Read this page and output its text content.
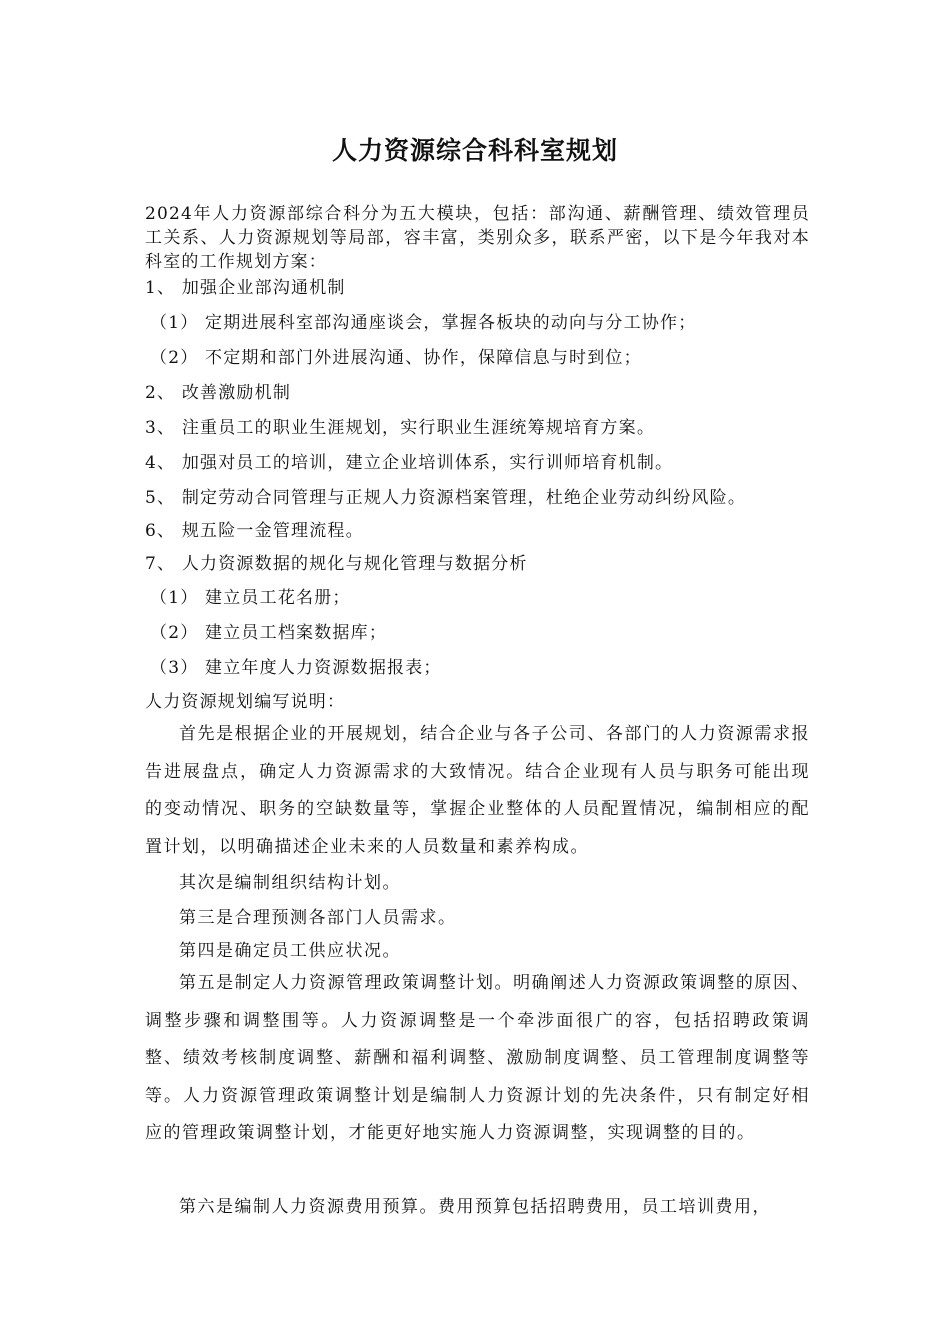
人力资源综合科科室规划
2024年人力资源部综合科分为五大模块，包括：部沟通、薪酬管理、绩效管理员工关系、人力资源规划等局部，容丰富，类别众多，联系严密，以下是今年我对本科室的工作规划方案：
1、 加强企业部沟通机制
（1） 定期进展科室部沟通座谈会，掌握各板块的动向与分工协作；
（2） 不定期和部门外进展沟通、协作，保障信息与时到位；
2、 改善激励机制
3、 注重员工的职业生涯规划，实行职业生涯统筹规培育方案。
4、 加强对员工的培训，建立企业培训体系，实行训师培育机制。
5、 制定劳动合同管理与正规人力资源档案管理，杜绝企业劳动纠纷风险。
6、 规五险一金管理流程。
7、 人力资源数据的规化与规化管理与数据分析
（1） 建立员工花名册；
（2） 建立员工档案数据库；
（3） 建立年度人力资源数据报表；
人力资源规划编写说明：
首先是根据企业的开展规划，结合企业与各子公司、各部门的人力资源需求报告进展盘点，确定人力资源需求的大致情况。结合企业现有人员与职务可能出现的变动情况、职务的空缺数量等，掌握企业整体的人员配置情况，编制相应的配置计划，以明确描述企业未来的人员数量和素养构成。
其次是编制组织结构计划。
第三是合理预测各部门人员需求。
第四是确定员工供应状况。
第五是制定人力资源管理政策调整计划。明确阐述人力资源政策调整的原因、调整步骤和调整围等。人力资源调整是一个牵涉面很广的容，包括招聘政策调整、绩效考核制度调整、薪酬和福利调整、激励制度调整、员工管理制度调整等等。人力资源管理政策调整计划是编制人力资源计划的先决条件，只有制定好相应的管理政策调整计划，才能更好地实施人力资源调整，实现调整的目的。
第六是编制人力资源费用预算。费用预算包括招聘费用，员工培训费用，
